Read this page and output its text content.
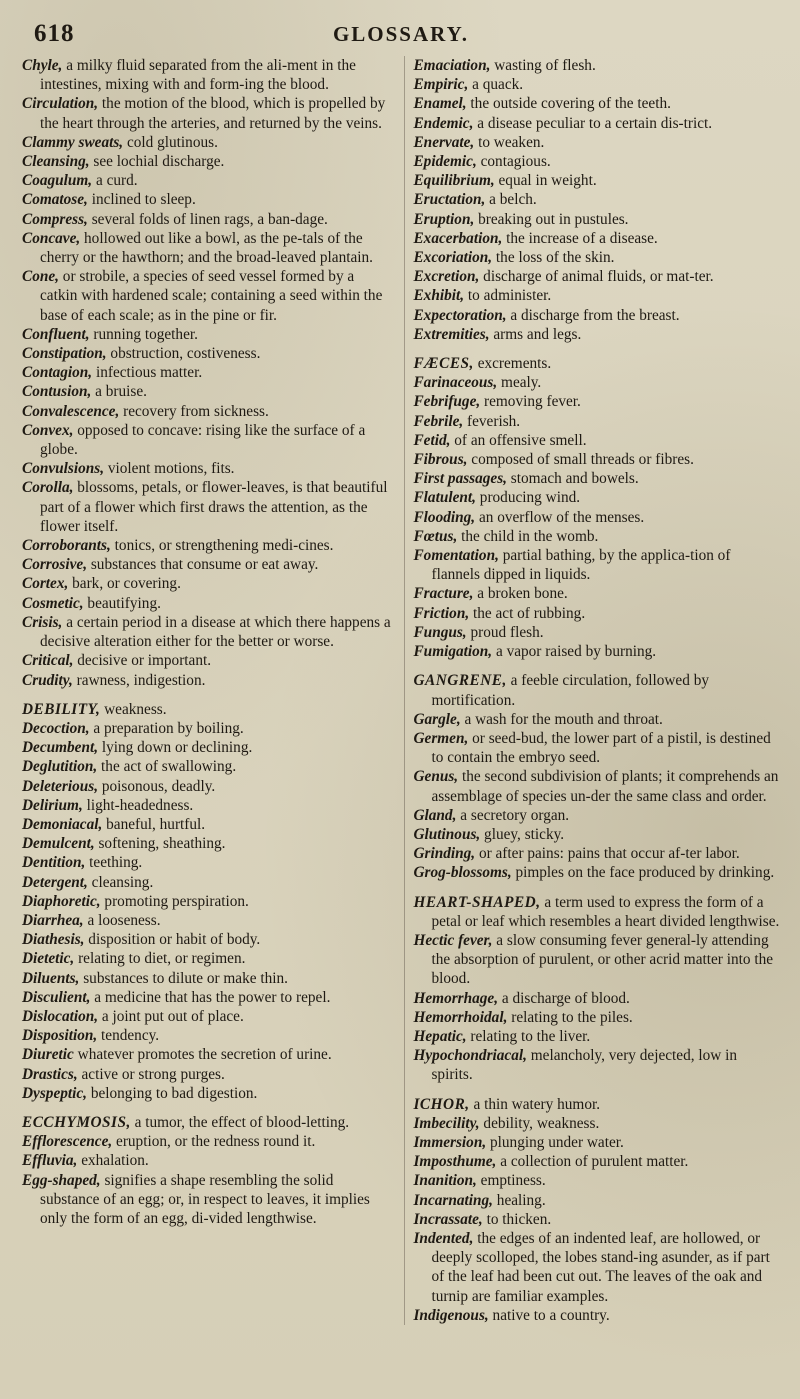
618	GLOSSARY.
Chyle, a milky fluid separated from the ali-ment in the intestines, mixing with and form-ing the blood.
Circulation, the motion of the blood, which is propelled by the heart through the arteries, and returned by the veins.
Clammy sweats, cold glutinous.
Cleansing, see lochial discharge.
Coagulum, a curd.
Comatose, inclined to sleep.
Compress, several folds of linen rags, a ban-dage.
Concave, hollowed out like a bowl, as the pe-tals of the cherry or the hawthorn; and the broad-leaved plantain.
Cone, or strobile, a species of seed vessel formed by a catkin with hardened scale; containing a seed within the base of each scale; as in the pine or fir.
Confluent, running together.
Constipation, obstruction, costiveness.
Contagion, infectious matter.
Contusion, a bruise.
Convalescence, recovery from sickness.
Convex, opposed to concave: rising like the surface of a globe.
Convulsions, violent motions, fits.
Corolla, blossoms, petals, or flower-leaves, is that beautiful part of a flower which first draws the attention, as the flower itself.
Corroborants, tonics, or strengthening medi-cines.
Corrosive, substances that consume or eat away.
Cortex, bark, or covering.
Cosmetic, beautifying.
Crisis, a certain period in a disease at which there happens a decisive alteration either for the better or worse.
Critical, decisive or important.
Crudity, rawness, indigestion.
DEBILITY, weakness.
Decoction, a preparation by boiling.
Decumbent, lying down or declining.
Deglutition, the act of swallowing.
Deleterious, poisonous, deadly.
Delirium, light-headedness.
Demoniacal, baneful, hurtful.
Demulcent, softening, sheathing.
Dentition, teething.
Detergent, cleansing.
Diaphoretic, promoting perspiration.
Diarrhea, a looseness.
Diathesis, disposition or habit of body.
Dietetic, relating to diet, or regimen.
Diluents, substances to dilute or make thin.
Disculient, a medicine that has the power to repel.
Dislocation, a joint put out of place.
Disposition, tendency.
Diuretic whatever promotes the secretion of urine.
Drastics, active or strong purges.
Dyspeptic, belonging to bad digestion.
ECCHYMOSIS, a tumor, the effect of blood-letting.
Efflorescence, eruption, or the redness round it.
Effluvia, exhalation.
Egg-shaped, signifies a shape resembling the solid substance of an egg; or, in respect to leaves, it implies only the form of an egg, di-vided lengthwise.
Emaciation, wasting of flesh.
Empiric, a quack.
Enamel, the outside covering of the teeth.
Endemic, a disease peculiar to a certain dis-trict.
Enervate, to weaken.
Epidemic, contagious.
Equilibrium, equal in weight.
Eructation, a belch.
Eruption, breaking out in pustules.
Exacerbation, the increase of a disease.
Excoriation, the loss of the skin.
Excretion, discharge of animal fluids, or mat-ter.
Exhibit, to administer.
Expectoration, a discharge from the breast.
Extremities, arms and legs.
FÆCES, excrements.
Farinaceous, mealy.
Febrifuge, removing fever.
Febrile, feverish.
Fetid, of an offensive smell.
Fibrous, composed of small threads or fibres.
First passages, stomach and bowels.
Flatulent, producing wind.
Flooding, an overflow of the menses.
Fœtus, the child in the womb.
Fomentation, partial bathing, by the applica-tion of flannels dipped in liquids.
Fracture, a broken bone.
Friction, the act of rubbing.
Fungus, proud flesh.
Fumigation, a vapor raised by burning.
GANGRENE, a feeble circulation, followed by mortification.
Gargle, a wash for the mouth and throat.
Germen, or seed-bud, the lower part of a pistil, is destined to contain the embryo seed.
Genus, the second subdivision of plants; it comprehends an assemblage of species un-der the same class and order.
Gland, a secretory organ.
Glutinous, gluey, sticky.
Grinding, or after pains: pains that occur af-ter labor.
Grog-blossoms, pimples on the face produced by drinking.
HEART-SHAPED, a term used to express the form of a petal or leaf which resembles a heart divided lengthwise.
Hectic fever, a slow consuming fever general-ly attending the absorption of purulent, or other acrid matter into the blood.
Hemorrhage, a discharge of blood.
Hemorrhoidal, relating to the piles.
Hepatic, relating to the liver.
Hypochondriacal, melancholy, very dejected, low in spirits.
ICHOR, a thin watery humor.
Imbecility, debility, weakness.
Immersion, plunging under water.
Imposthume, a collection of purulent matter.
Inanition, emptiness.
Incarnating, healing.
Incrassate, to thicken.
Indented, the edges of an indented leaf, are hollowed, or deeply scolloped, the lobes stand-ing asunder, as if part of the leaf had been cut out. The leaves of the oak and turnip are familiar examples.
Indigenous, native to a country.
